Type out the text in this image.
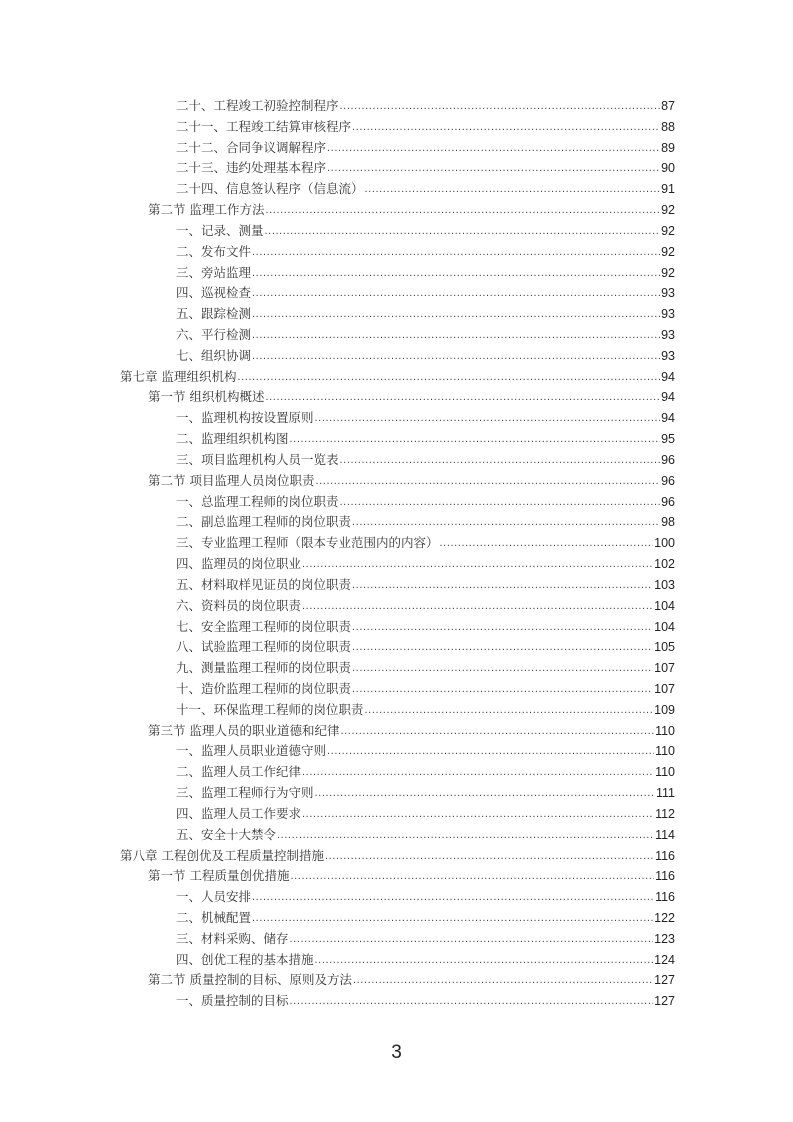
二十、工程竣工初验控制程序 .....	87
二十一、工程竣工结算审核程序 .....	88
二十二、合同争议调解程序 .....	89
二十三、违约处理基本程序 .....	90
二十四、信息签认程序（信息流） .....	91
第二节 监理工作方法 .....	92
一、记录、测量 .....	92
二、发布文件 .....	92
三、旁站监理 .....	92
四、巡视检查 .....	93
五、跟踪检测 .....	93
六、平行检测 .....	93
七、组织协调 .....	93
第七章 监理组织机构 .....	94
第一节 组织机构概述 .....	94
一、监理机构按设置原则 .....	94
二、监理组织机构图 .....	95
三、项目监理机构人员一览表 .....	96
第二节 项目监理人员岗位职责 .....	96
一、总监理工程师的岗位职责 .....	96
二、副总监理工程师的岗位职责 .....	98
三、专业监理工程师（限本专业范围内的内容） .....	100
四、监理员的岗位职业 .....	102
五、材料取样见证员的岗位职责 .....	103
六、资料员的岗位职责 .....	104
七、安全监理工程师的岗位职责 .....	104
八、试验监理工程师的岗位职责 .....	105
九、测量监理工程师的岗位职责 .....	107
十、造价监理工程师的岗位职责 .....	107
十一、环保监理工程师的岗位职责 .....	109
第三节 监理人员的职业道德和纪律 .....	110
一、监理人员职业道德守则 .....	110
二、监理人员工作纪律 .....	110
三、监理工程师行为守则 .....	111
四、监理人员工作要求 .....	112
五、安全十大禁令 .....	114
第八章 工程创优及工程质量控制措施 .....	116
第一节 工程质量创优措施 .....	116
一、人员安排 .....	116
二、机械配置 .....	122
三、材料采购、储存 .....	123
四、创优工程的基本措施 .....	124
第二节 质量控制的目标、原则及方法 .....	127
一、质量控制的目标 .....	127
3
